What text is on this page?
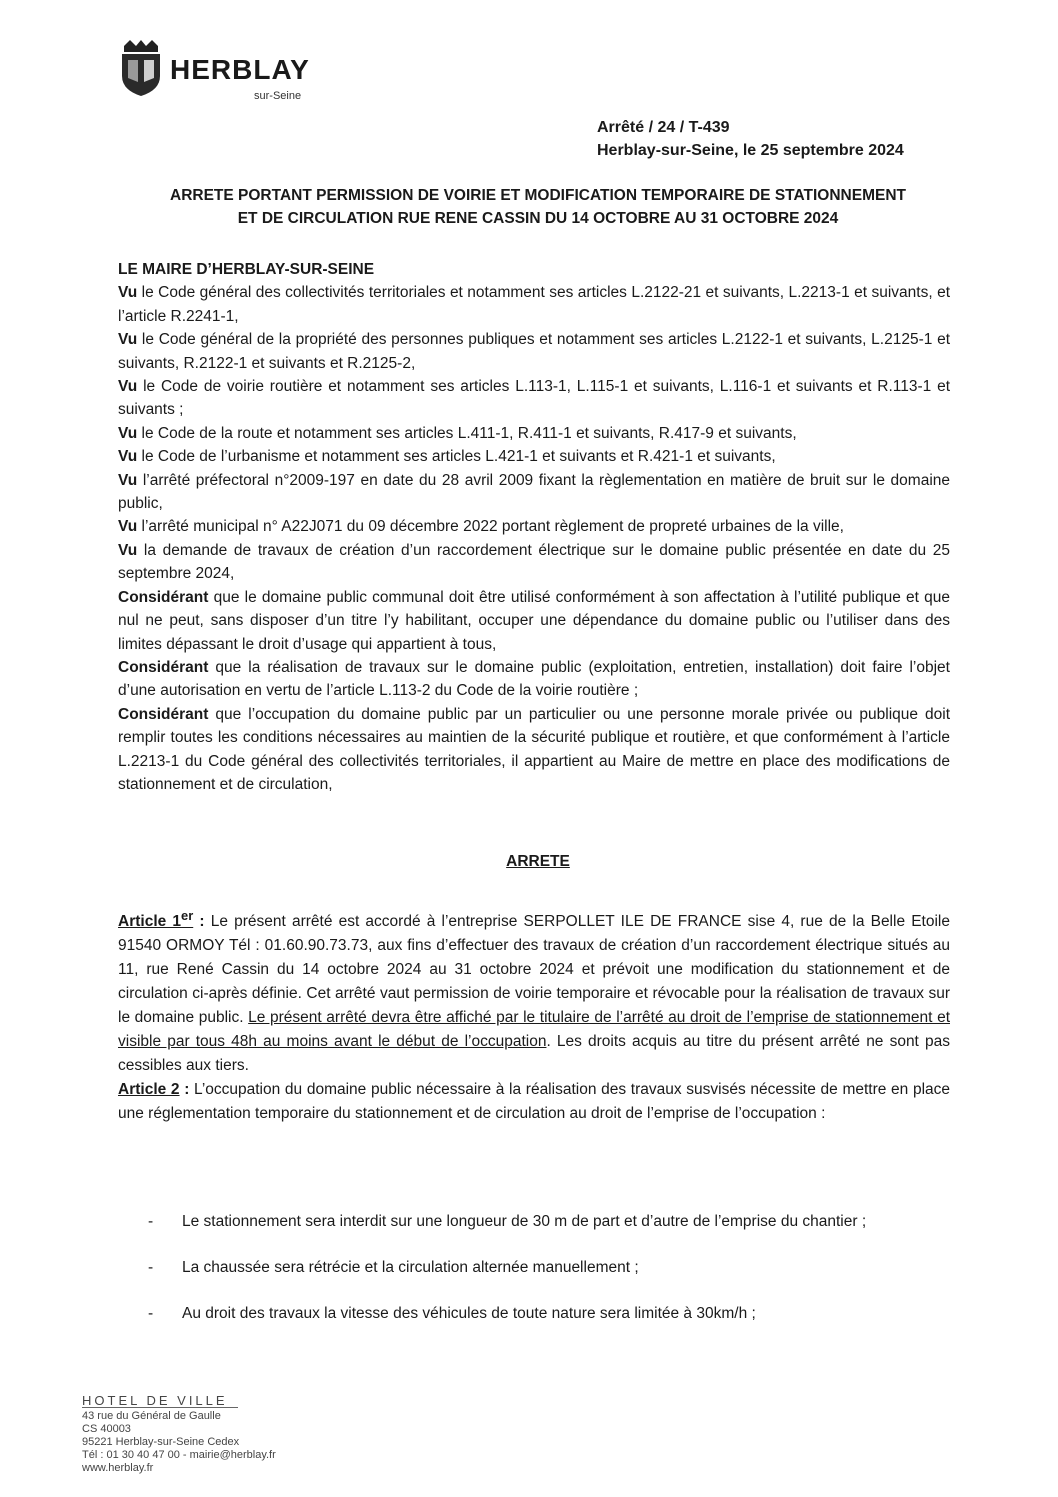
HERBLAY
sur-Seine
Arrêté / 24 / T-439
Herblay-sur-Seine, le 25 septembre 2024
ARRETE PORTANT PERMISSION DE VOIRIE ET MODIFICATION TEMPORAIRE DE STATIONNEMENT
ET DE CIRCULATION RUE RENE CASSIN DU 14 OCTOBRE AU 31 OCTOBRE 2024

LE MAIRE D’HERBLAY-SUR-SEINE

Vu le Code général des collectivités territoriales et notamment ses articles L.2122-21 et suivants, L.2213-1 et suivants, et l’article R.2241-1,

Vu le Code général de la propriété des personnes publiques et notamment ses articles L.2122-1 et suivants, L.2125-1 et suivants, R.2122-1 et suivants et R.2125-2,

Vu le Code de voirie routière et notamment ses articles L.113-1, L.115-1 et suivants, L.116-1 et suivants et R.113-1 et suivants ;

Vu le Code de la route et notamment ses articles L.411-1, R.411-1 et suivants, R.417-9 et suivants,

Vu le Code de l’urbanisme et notamment ses articles L.421-1 et suivants et R.421-1 et suivants,

Vu l’arrêté préfectoral n°2009-197 en date du 28 avril 2009 fixant la règlementation en matière de bruit sur le domaine public,

Vu l’arrêté municipal n° A22J071 du 09 décembre 2022 portant règlement de propreté urbaines de la ville,

Vu la demande de travaux de création d’un raccordement électrique sur le domaine public présentée en date du 25 septembre 2024,

Considérant que le domaine public communal doit être utilisé conformément à son affectation à l’utilité publique et que nul ne peut, sans disposer d’un titre l’y habilitant, occuper une dépendance du domaine public ou l’utiliser dans des limites dépassant le droit d’usage qui appartient à tous,

Considérant que la réalisation de travaux sur le domaine public (exploitation, entretien, installation) doit faire l’objet d’une autorisation en vertu de l’article L.113-2 du Code de la voirie routière ;

Considérant que l’occupation du domaine public par un particulier ou une personne morale privée ou publique doit remplir toutes les conditions nécessaires au maintien de la sécurité publique et routière, et que conformément à l’article L.2213-1 du Code général des collectivités territoriales, il appartient au Maire de mettre en place des modifications de stationnement et de circulation,

ARRETE

Article 1er : Le présent arrêté est accordé à l’entreprise SERPOLLET ILE DE FRANCE sise 4, rue de la Belle Etoile 91540 ORMOY Tél : 01.60.90.73.73, aux fins d’effectuer des travaux de création d’un raccordement électrique situés au 11, rue René Cassin du 14 octobre 2024 au 31 octobre 2024 et prévoit une modification du stationnement et de circulation ci-après définie. Cet arrêté vaut permission de voirie temporaire et révocable pour la réalisation de travaux sur le domaine public. Le présent arrêté devra être affiché par le titulaire de l’arrêté au droit de l’emprise de stationnement et visible par tous 48h au moins avant le début de l’occupation. Les droits acquis au titre du présent arrêté ne sont pas cessibles aux tiers.

Article 2 : L’occupation du domaine public nécessaire à la réalisation des travaux susvisés nécessite de mettre en place une réglementation temporaire du stationnement et de circulation au droit de l’emprise de l’occupation :

- Le stationnement sera interdit sur une longueur de 30 m de part et d’autre de l’emprise du chantier ;
- La chaussée sera rétrécie et la circulation alternée manuellement ;
- Au droit des travaux la vitesse des véhicules de toute nature sera limitée à 30km/h ;
HOTEL DE VILLE
43 rue du Général de Gaulle
CS 40003
95221 Herblay-sur-Seine Cedex
Tél : 01 30 40 47 00 - mairie@herblay.fr
www.herblay.fr
